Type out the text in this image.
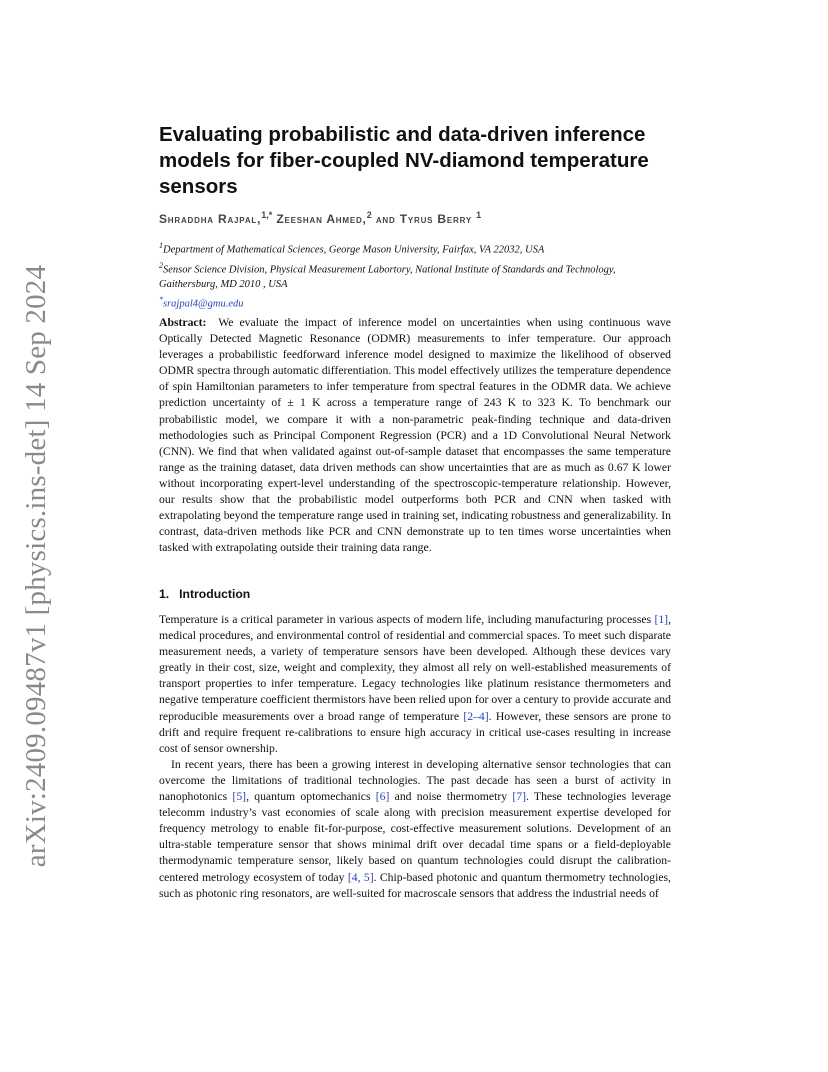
arXiv:2409.09487v1 [physics.ins-det] 14 Sep 2024
Evaluating probabilistic and data-driven inference models for fiber-coupled NV-diamond temperature sensors
Shraddha Rajpal,$^{1,*}$ Zeeshan Ahmed,$^2$ and Tyrus Berry $^1$
$^1$Department of Mathematical Sciences, George Mason University, Fairfax, VA 22032, USA
$^2$Sensor Science Division, Physical Measurement Labortory, National Institute of Standards and Technology, Gaithersburg, MD 2010 , USA
*srajpal4@gmu.edu
Abstract: We evaluate the impact of inference model on uncertainties when using continuous wave Optically Detected Magnetic Resonance (ODMR) measurements to infer temperature. Our approach leverages a probabilistic feedforward inference model designed to maximize the likelihood of observed ODMR spectra through automatic differentiation. This model effectively utilizes the temperature dependence of spin Hamiltonian parameters to infer temperature from spectral features in the ODMR data. We achieve prediction uncertainty of ± 1 K across a temperature range of 243 K to 323 K. To benchmark our probabilistic model, we compare it with a non-parametric peak-finding technique and data-driven methodologies such as Principal Component Regression (PCR) and a 1D Convolutional Neural Network (CNN). We find that when validated against out-of-sample dataset that encompasses the same temperature range as the training dataset, data driven methods can show uncertainties that are as much as 0.67 K lower without incorporating expert-level understanding of the spectroscopic-temperature relationship. However, our results show that the probabilistic model outperforms both PCR and CNN when tasked with extrapolating beyond the temperature range used in training set, indicating robustness and generalizability. In contrast, data-driven methods like PCR and CNN demonstrate up to ten times worse uncertainties when tasked with extrapolating outside their training data range.
1. Introduction

Temperature is a critical parameter in various aspects of modern life, including manufacturing processes [1], medical procedures, and environmental control of residential and commercial spaces. To meet such disparate measurement needs, a variety of temperature sensors have been developed. Although these devices vary greatly in their cost, size, weight and complexity, they almost all rely on well-established measurements of transport properties to infer temperature. Legacy technologies like platinum resistance thermometers and negative temperature coefficient thermistors have been relied upon for over a century to provide accurate and reproducible measurements over a broad range of temperature [2–4]. However, these sensors are prone to drift and require frequent re-calibrations to ensure high accuracy in critical use-cases resulting in increase cost of sensor ownership.

In recent years, there has been a growing interest in developing alternative sensor technologies that can overcome the limitations of traditional technologies. The past decade has seen a burst of activity in nanophotonics [5], quantum optomechanics [6] and noise thermometry [7]. These technologies leverage telecomm industry’s vast economies of scale along with precision measurement expertise developed for frequency metrology to enable fit-for-purpose, cost-effective measurement solutions. Development of an ultra-stable temperature sensor that shows minimal drift over decadal time spans or a field-deployable thermodynamic temperature sensor, likely based on quantum technologies could disrupt the calibration-centered metrology ecosystem of today [4, 5]. Chip-based photonic and quantum thermometry technologies, such as photonic ring resonators, are well-suited for macroscale sensors that address the industrial needs of
